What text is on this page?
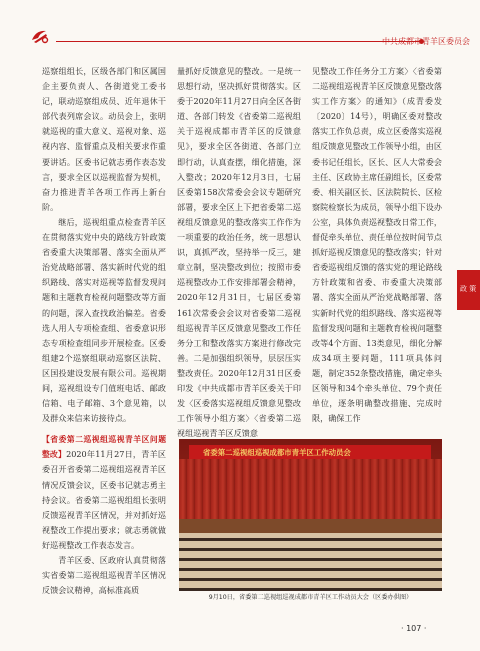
中共成都市青羊区委员会

巡察组组长，区级各部门和区属国企主要负责人、各街道党工委书记，联动巡察组成员、近年退休干部代表列席会议。动员会上，张明就巡视的重大意义、巡视对象、巡视内容、监督重点及相关要求作重要讲话。区委书记就志勇作表态发言，要求全区以巡视监督为契机，奋力推进青羊各项工作再上新台阶。

继后，巡视组重点检查青羊区在贯彻落实党中央的路线方针政策省委重大决策部署、落实全面从严治党战略部署、落实新时代党的组织路线、落实对巡视等监督发现问题和主题教育检视问题整改等方面的问题，深入查找政治偏差。省委选人用人专项检查组、省委意识形态专项检查组同步开展检查。区委组建2个巡察组联动巡察区法院、区国投建设发展有限公司。巡视期间，巡视组设专门值班电话、邮政信箱、电子邮箱、3个意见箱，以及群众来信来访接待点。

【省委第二巡视组巡视青羊区问题整改】2020年11月27日，青羊区委召开省委第二巡视组巡视青羊区情况反馈会议，区委书记就志勇主持会议。省委第二巡视组组长张明反馈巡视青羊区情况，并对抓好巡视整改工作提出要求；就志勇就做好巡视整改工作表态发言。

青羊区委、区政府认真贯彻落实省委第二巡视组巡视青羊区情况反馈会议精神，高标准高质

量抓好反馈意见的整改。一是统一思想行动，坚决抓好贯彻落实。区委于2020年11月27日向全区各街道、各部门转发《省委第二巡视组关于巡视成都市青羊区的反馈意见》，要求全区各街道、各部门立即行动，认真查摆，细化措施，深入整改；2020年12月3日，七届区委第158次常委会会议专题研究部署，要求全区上下把省委第二巡视组反馈意见的整改落实工作作为一项重要的政治任务，统一思想认识，真抓严改，坚持举一反三，建章立制，坚决整改到位；按照市委巡视整改办工作安排部署会精神，2020年12月31日，七届区委第161次常委会会议对省委第二巡视组巡视青羊区反馈意见整改工作任务分工和整改落实方案进行修改完善。二是加强组织领导，层层压实整改责任。2020年12月31日区委印发《中共成都市青羊区委关于印发〈区委落实巡视组反馈意见整改工作领导小组方案〉〈省委第二巡视组巡视青羊区反馈意

见整改工作任务分工方案〉〈省委第二巡视组巡视青羊区反馈意见整改落实工作方案〉的通知》（成青委发〔2020〕14号），明确区委对整改落实工作负总责，成立区委落实巡视组反馈意见整改工作领导小组，由区委书记任组长，区长、区人大常委会主任、区政协主席任副组长，区委常委、相关副区长、区法院院长、区检察院检察长为成员，领导小组下设办公室，具体负责巡视整改日常工作，督促牵头单位、责任单位按时间节点抓好巡视反馈意见的整改落实；针对省委巡视组反馈的落实党的理论路线方针政策和省委、市委重大决策部署、落实全面从严治党战略部署、落实新时代党的组织路线、落实巡视等监督发现问题和主题教育检视问题整改等4个方面、13类意见，细化分解成34项主要问题，111项具体问题，制定352条整改措施，确定牵头区领导和34个牵头单位、79个责任单位，逐条明确整改措施、完成时限，确保工作

政 策
省委第二巡视组巡视成都市青羊区工作动员会
9月10日，省委第二巡视组巡视成都市青羊区工作动员大会（区委办供图）
· 107 ·
